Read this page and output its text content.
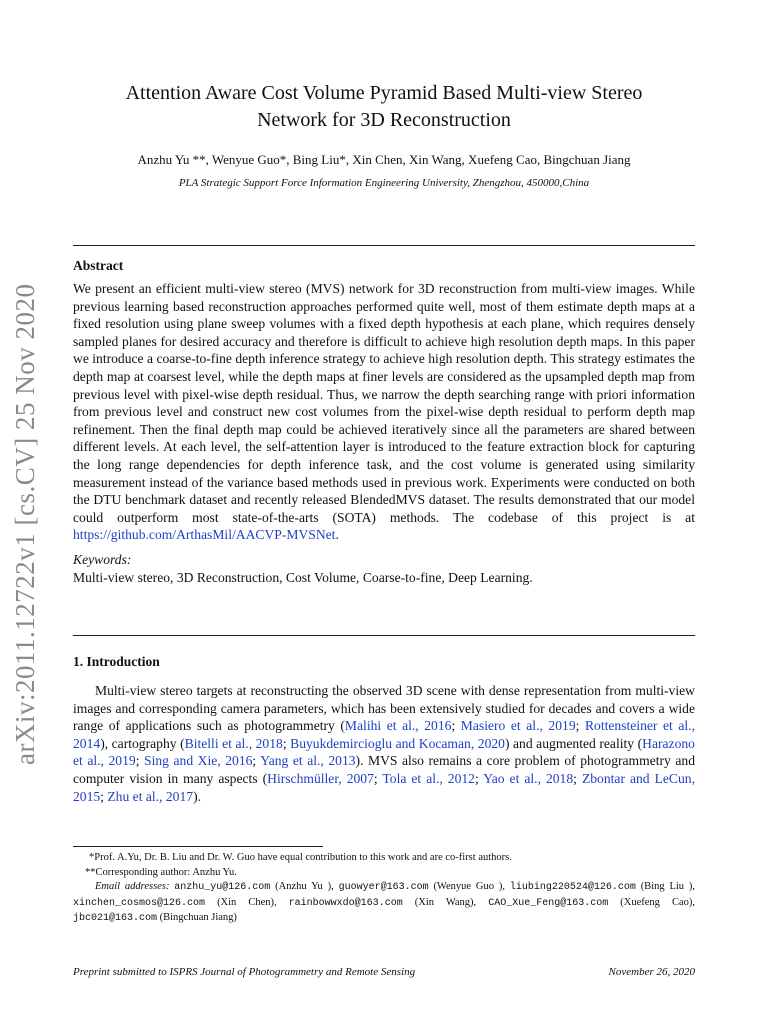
arXiv:2011.12722v1 [cs.CV] 25 Nov 2020
Attention Aware Cost Volume Pyramid Based Multi-view Stereo
Network for 3D Reconstruction
Anzhu Yu **, Wenyue Guo*, Bing Liu*, Xin Chen, Xin Wang, Xuefeng Cao, Bingchuan Jiang
PLA Strategic Support Force Information Engineering University, Zhengzhou, 450000,China
Abstract
We present an efficient multi-view stereo (MVS) network for 3D reconstruction from multi-view images. While previous learning based reconstruction approaches performed quite well, most of them estimate depth maps at a fixed resolution using plane sweep volumes with a fixed depth hypothesis at each plane, which requires densely sampled planes for desired accuracy and therefore is difficult to achieve high resolution depth maps. In this paper we introduce a coarse-to-fine depth inference strategy to achieve high resolution depth. This strategy estimates the depth map at coarsest level, while the depth maps at finer levels are considered as the upsampled depth map from previous level with pixel-wise depth residual. Thus, we narrow the depth searching range with priori information from previous level and construct new cost volumes from the pixel-wise depth residual to perform depth map refinement. Then the final depth map could be achieved iteratively since all the parameters are shared between different levels. At each level, the self-attention layer is introduced to the feature extraction block for capturing the long range dependencies for depth inference task, and the cost volume is generated using similarity measurement instead of the variance based methods used in previous work. Experiments were conducted on both the DTU benchmark dataset and recently released BlendedMVS dataset. The results demonstrated that our model could outperform most state-of-the-arts (SOTA) methods. The codebase of this project is at https://github.com/ArthasMil/AACVP-MVSNet.
Keywords:
Multi-view stereo, 3D Reconstruction, Cost Volume, Coarse-to-fine, Deep Learning.
1. Introduction
Multi-view stereo targets at reconstructing the observed 3D scene with dense representation from multi-view images and corresponding camera parameters, which has been extensively studied for decades and covers a wide range of applications such as photogrammetry (Malihi et al., 2016; Masiero et al., 2019; Rottensteiner et al., 2014), cartography (Bitelli et al., 2018; Buyukdemircioglu and Kocaman, 2020) and augmented reality (Harazono et al., 2019; Sing and Xie, 2016; Yang et al., 2013). MVS also remains a core problem of photogrammetry and computer vision in many aspects (Hirschmüller, 2007; Tola et al., 2012; Yao et al., 2018; Zbontar and LeCun, 2015; Zhu et al., 2017).
*Prof. A.Yu, Dr. B. Liu and Dr. W. Guo have equal contribution to this work and are co-first authors.
**Corresponding author: Anzhu Yu.
Email addresses: anzhu_yu@126.com (Anzhu Yu ), guowyer@163.com (Wenyue Guo ), liubing220524@126.com (Bing Liu ), xinchen_cosmos@126.com (Xin Chen), rainbowwxdo@163.com (Xin Wang), CAO_Xue_Feng@163.com (Xuefeng Cao), jbc021@163.com (Bingchuan Jiang)
Preprint submitted to ISPRS Journal of Photogrammetry and Remote Sensing	November 26, 2020
